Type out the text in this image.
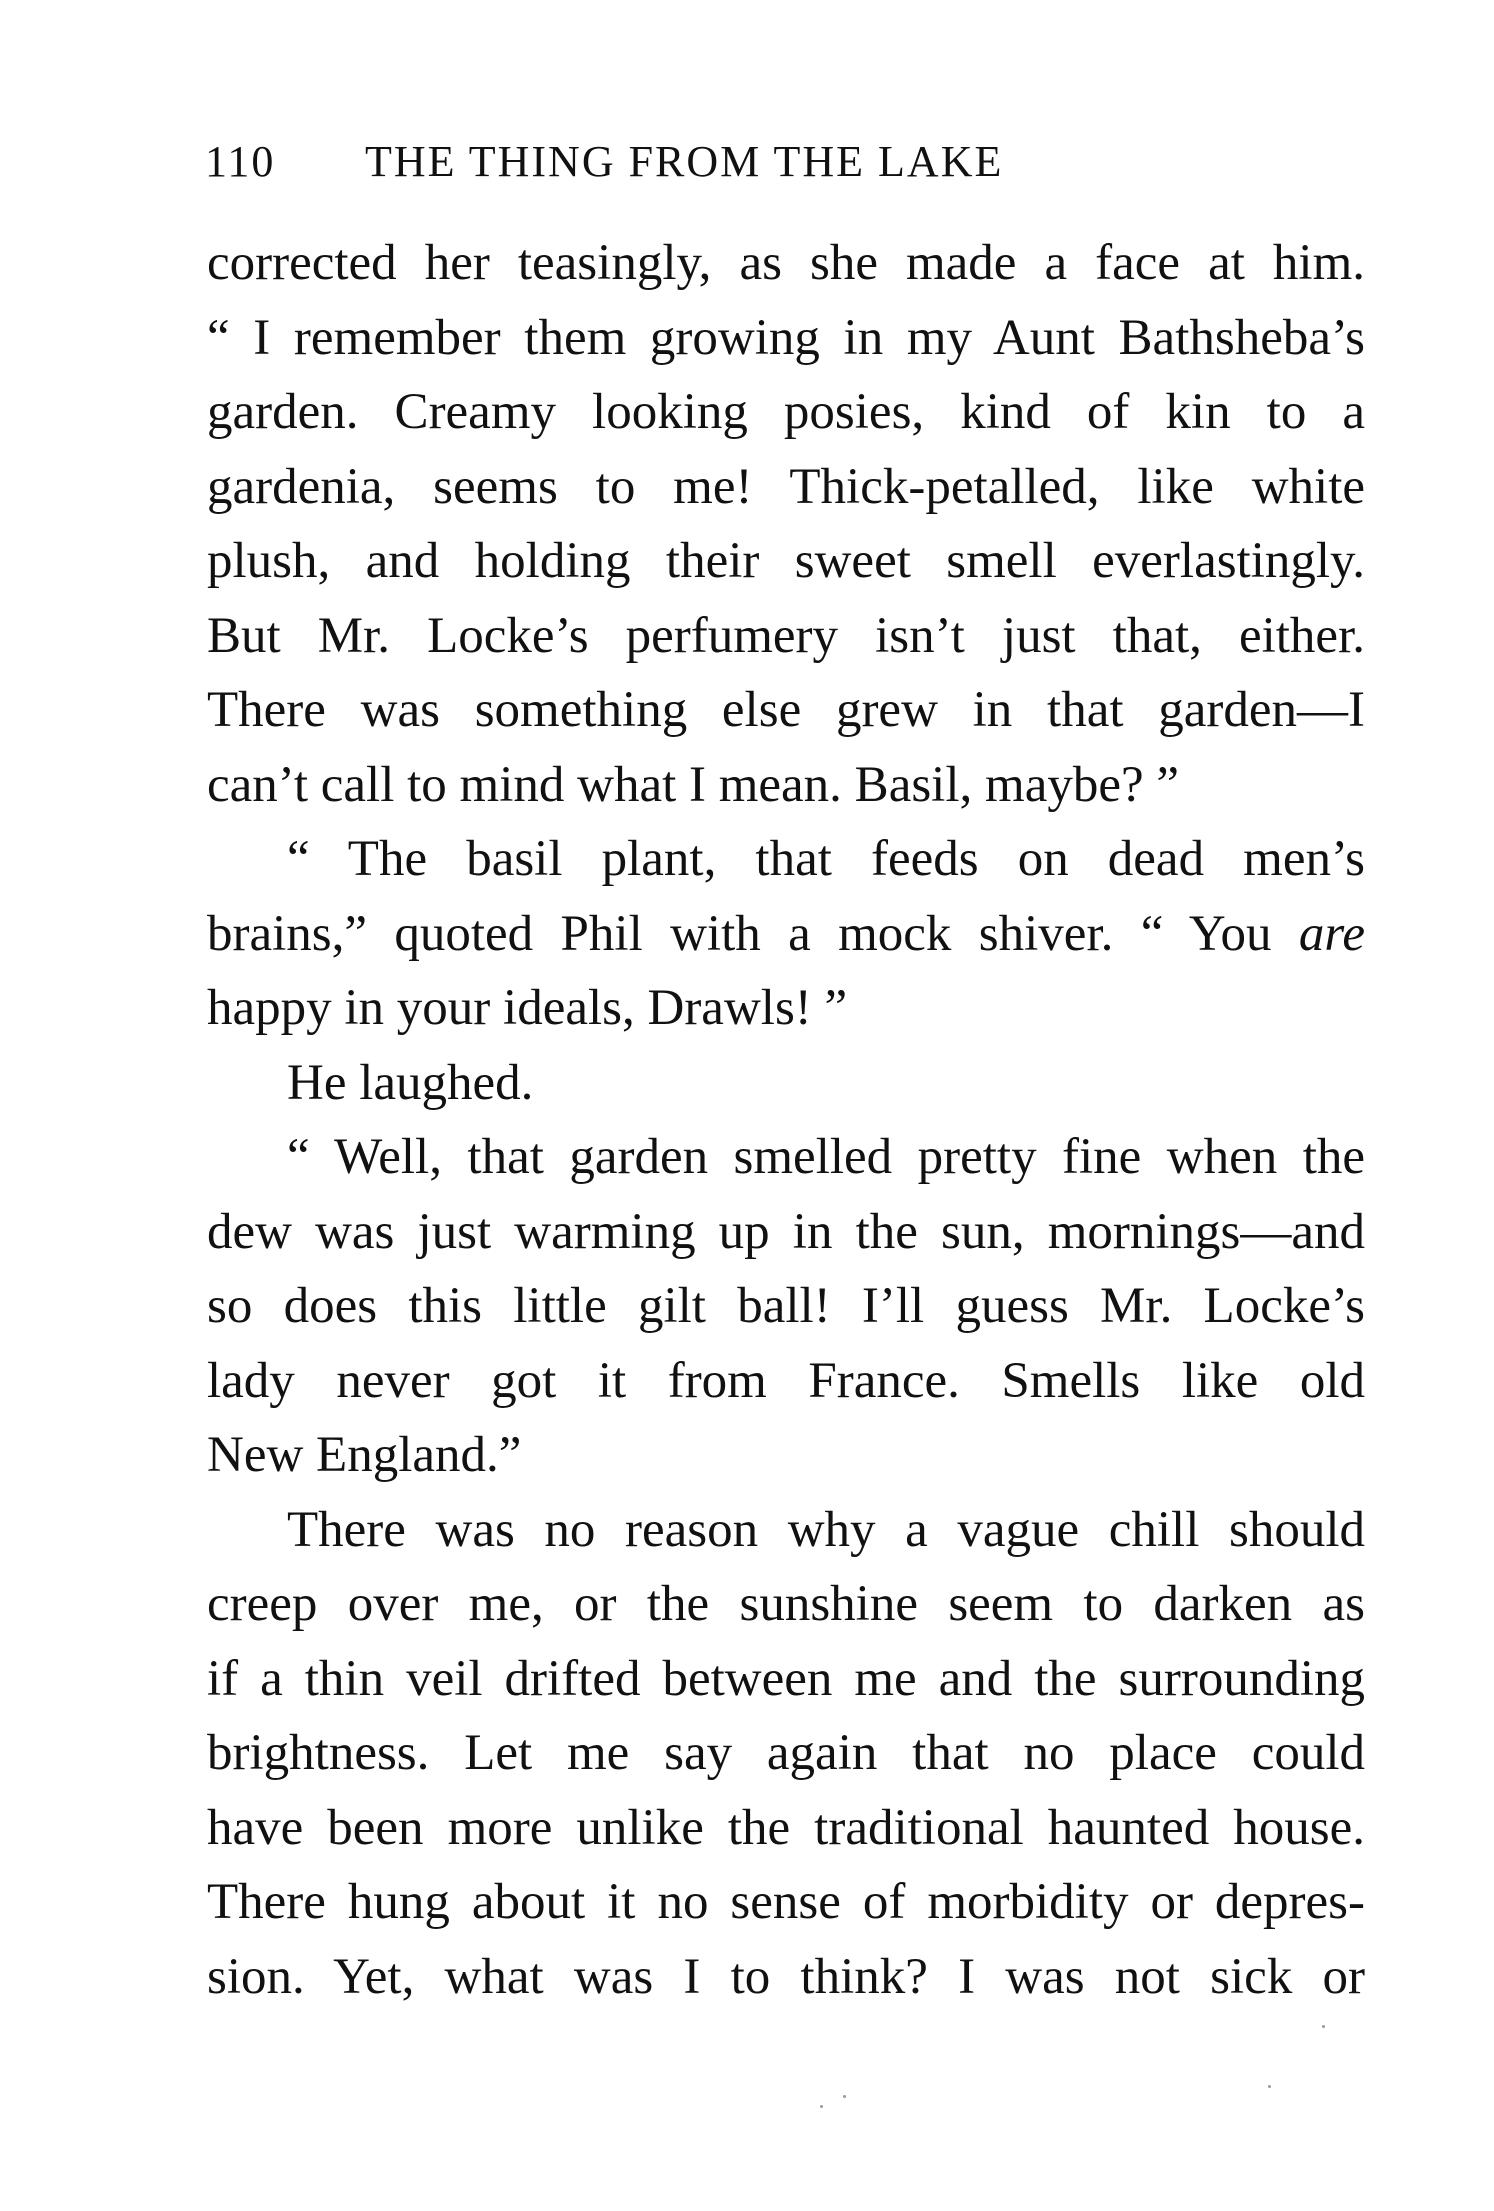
110 THE THING FROM THE LAKE
corrected her teasingly, as she made a face at him.
“ I remember them growing in my Aunt Bathsheba’s
garden. Creamy looking posies, kind of kin to a
gardenia, seems to me! Thick-petalled, like white
plush, and holding their sweet smell everlastingly.
But Mr. Locke’s perfumery isn’t just that, either.
There was something else grew in that garden—I
can’t call to mind what I mean. Basil, maybe? ”
“ The basil plant, that feeds on dead men’s
brains,” quoted Phil with a mock shiver. “ You are
happy in your ideals, Drawls! ”
He laughed.
“ Well, that garden smelled pretty fine when the
dew was just warming up in the sun, mornings—and
so does this little gilt ball! I’ll guess Mr. Locke’s
lady never got it from France. Smells like old
New England.”
There was no reason why a vague chill should
creep over me, or the sunshine seem to darken as
if a thin veil drifted between me and the surrounding
brightness. Let me say again that no place could
have been more unlike the traditional haunted house.
There hung about it no sense of morbidity or depres-
sion. Yet, what was I to think? I was not sick or
